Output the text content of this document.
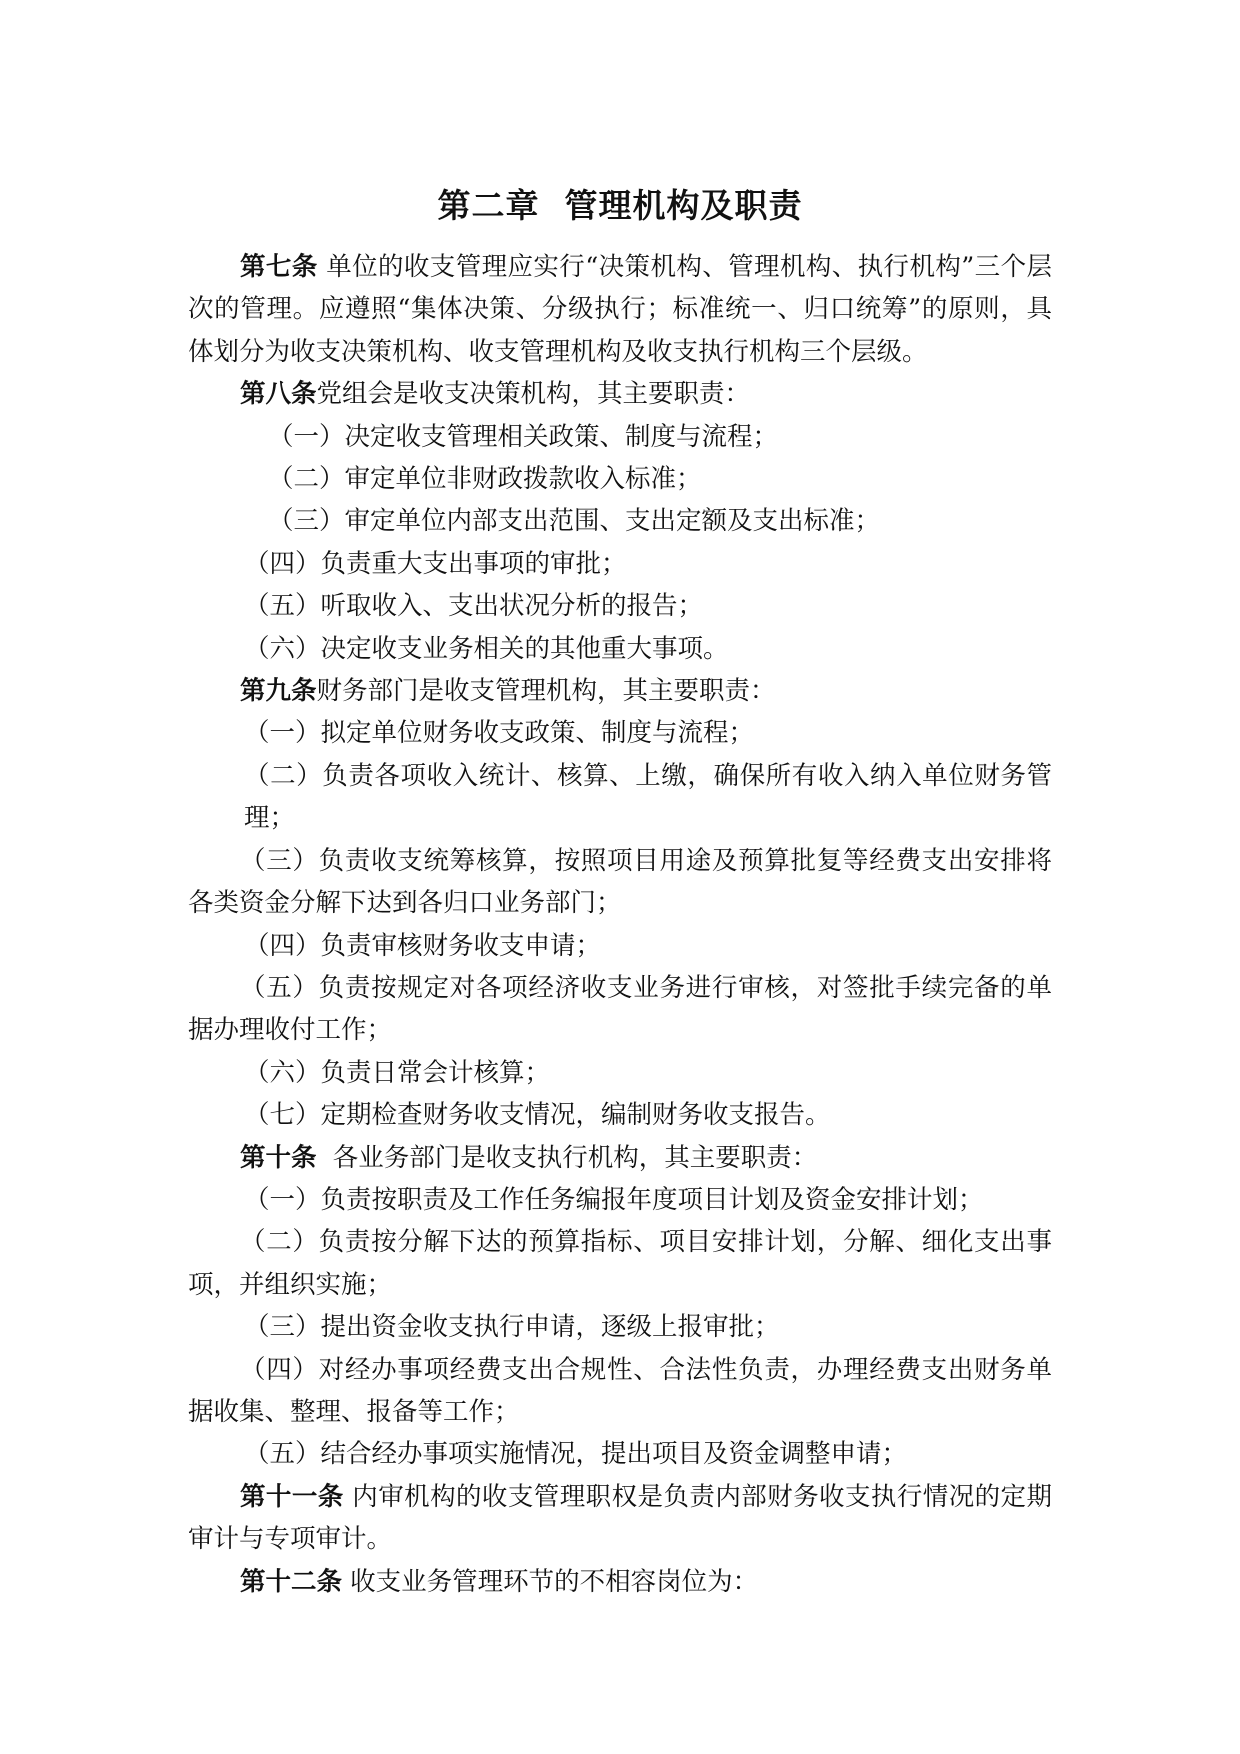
第二章  管理机构及职责

第七条 单位的收支管理应实行“决策机构、管理机构、执行机构”三个层次的管理。应遵照“集体决策、分级执行；标准统一、归口统筹”的原则，具体划分为收支决策机构、收支管理机构及收支执行机构三个层级。

第八条党组会是收支决策机构，其主要职责：

（一）决定收支管理相关政策、制度与流程；

（二）审定单位非财政拨款收入标准；

（三）审定单位内部支出范围、支出定额及支出标准；

（四）负责重大支出事项的审批；

（五）听取收入、支出状况分析的报告；

（六）决定收支业务相关的其他重大事项。

第九条财务部门是收支管理机构，其主要职责：

（一）拟定单位财务收支政策、制度与流程；

（二）负责各项收入统计、核算、上缴，确保所有收入纳入单位财务管理；

（三）负责收支统筹核算，按照项目用途及预算批复等经费支出安排将各类资金分解下达到各归口业务部门；

（四）负责审核财务收支申请；

（五）负责按规定对各项经济收支业务进行审核，对签批手续完备的单据办理收付工作；

（六）负责日常会计核算；

（七）定期检查财务收支情况，编制财务收支报告。

第十条  各业务部门是收支执行机构，其主要职责：

（一）负责按职责及工作任务编报年度项目计划及资金安排计划；

（二）负责按分解下达的预算指标、项目安排计划，分解、细化支出事项，并组织实施；

（三）提出资金收支执行申请，逐级上报审批；

（四）对经办事项经费支出合规性、合法性负责，办理经费支出财务单据收集、整理、报备等工作；

（五）结合经办事项实施情况，提出项目及资金调整申请；

第十一条 内审机构的收支管理职权是负责内部财务收支执行情况的定期审计与专项审计。

第十二条 收支业务管理环节的不相容岗位为：
